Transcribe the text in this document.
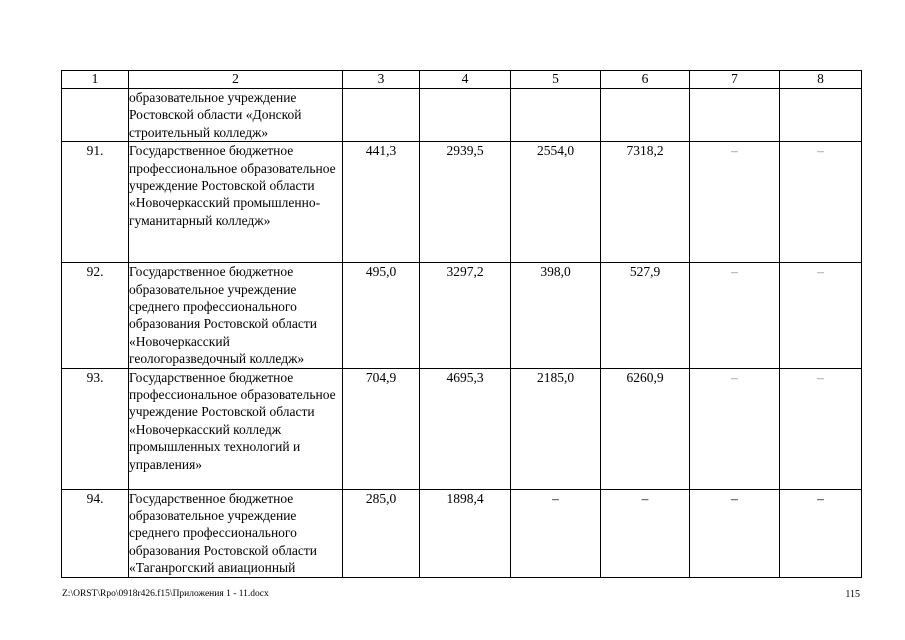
1	2	3	4	5	6	7	8
	образовательное учреждение Ростовской области «Донской строительный колледж»						
91.	Государственное бюджетное профессиональное образовательное учреждение Ростовской области «Новочеркасский промышленно-гуманитарный колледж»	441,3	2939,5	2554,0	7318,2	–	–
92.	Государственное бюджетное образовательное учреждение среднего профессионального образования Ростовской области «Новочеркасский геологоразведочный колледж»	495,0	3297,2	398,0	527,9	–	–
93.	Государственное бюджетное профессиональное образовательное учреждение Ростовской области «Новочеркасский колледж промышленных технологий и управления»	704,9	4695,3	2185,0	6260,9	–	–
94.	Государственное бюджетное образовательное учреждение среднего профессионального образования Ростовской области «Таганрогский авиационный	285,0	1898,4	–	–	–	–
Z:\ORST\Rpo\0918r426.f15\Приложения 1 - 11.docx	115
